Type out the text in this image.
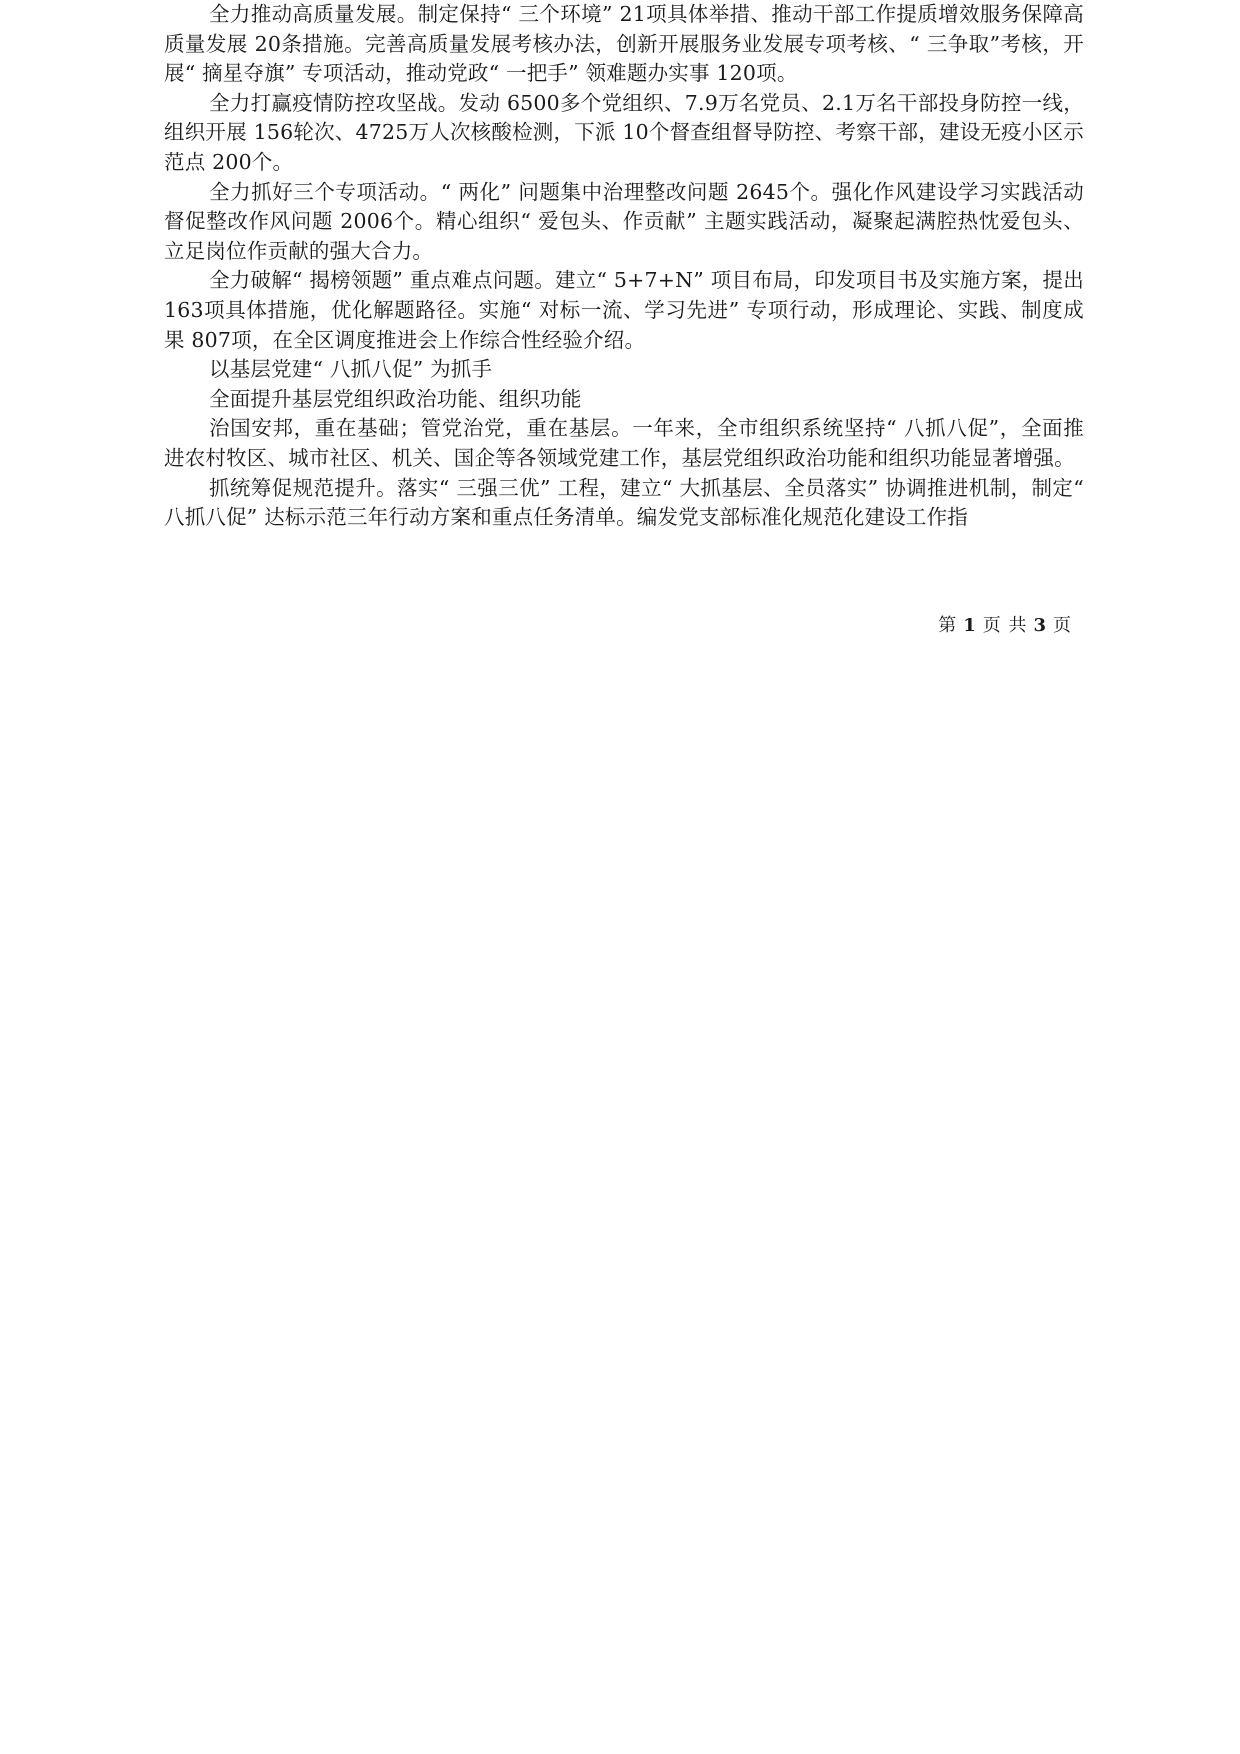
全力推动高质量发展。制定保持“ 三个环境” 21项具体举措、推动干部工作提质增效服务保障高质量发展 20条措施。完善高质量发展考核办法，创新开展服务业发展专项考核、“ 三争取”考核，开展“ 摘星夺旗” 专项活动，推动党政“ 一把手” 领难题办实事 120项。

全力打赢疫情防控攻坚战。发动 6500多个党组织、7.9万名党员、2.1万名干部投身防控一线，组织开展 156轮次、4725万人次核酸检测，下派 10个督查组督导防控、考察干部，建设无疫小区示范点 200个。

全力抓好三个专项活动。“ 两化” 问题集中治理整改问题 2645个。强化作风建设学习实践活动督促整改作风问题 2006个。精心组织“ 爱包头、作贡献” 主题实践活动，凝聚起满腔热忱爱包头、立足岗位作贡献的强大合力。

全力破解“ 揭榜领题” 重点难点问题。建立“ 5+7+N” 项目布局，印发项目书及实施方案，提出 163项具体措施，优化解题路径。实施“ 对标一流、学习先进” 专项行动，形成理论、实践、制度成果 807项，在全区调度推进会上作综合性经验介绍。

以基层党建“ 八抓八促” 为抓手

全面提升基层党组织政治功能、组织功能

治国安邦，重在基础；管党治党，重在基层。一年来，全市组织系统坚持“ 八抓八促”，全面推进农村牧区、城市社区、机关、国企等各领域党建工作，基层党组织政治功能和组织功能显著增强。

抓统筹促规范提升。落实“ 三强三优” 工程，建立“ 大抓基层、全员落实” 协调推进机制，制定“ 八抓八促” 达标示范三年行动方案和重点任务清单。编发党支部标准化规范化建设工作指

第 1 页 共 3 页
